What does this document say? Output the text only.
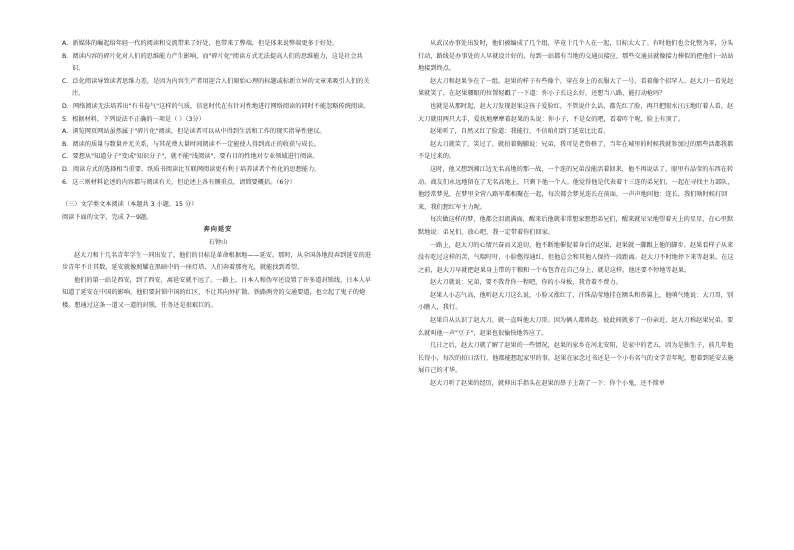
A．新媒体的崛起给年轻一代的阅读和交流带来了好处，也带来了弊端，但是体来说弊端更多于好处。

B．阅读内容的碎片化对人们的思维能力产生影响，而"碎片化"阅读方式无法提高人们的思维能力，这是社会共识。

C．泛化阅读导致读者思维力差，是因为内容生产者用迎合人们原始心理的标题或标新立异的文章来吸引人们的关注。

D．网络阅读无法培养出"有书卷气"这样的气质，信息时代在有针对性地进行网络阅读的同时不能忽略传统阅读。

5．根据材料，下列说法不正确的一项是（ ）（3分）

A．浏览网页网站虽然属于"碎片化"阅读，但是读者可以从中得到生活和工作的现实指导性建议。

B．阅读的质量与数量并无关系，与其花费大量时间阅读不一定能使人得到真正的收获与成长。

C．要想从"知道分子"变成"知识分子"，就不能"浅阅读"，要有目的性地对专业领域进行阅读。

D．阅读方式的选择相当重要，纸质书阅读比互联网阅读更有利于培养读者个性化的思想能力。

6．这三则材料论述的内容都与阅读有关，但论述上各有侧重点，请简要概括。（6分）

（三）文学类文本阅读（本题共 3 小题，15 分）

阅读下面的文字，完成 7～9题。

奔向延安

石钟山

赵大刀和十几名青年学生一同出发了，他们的目标是革命根据地——延安。那时，从全国各地投奔到延安的进步青年不计其数，延安就像照耀在黑暗中的一座灯塔，人们奔着那亮光，就能找到希望。

他们的第一站是西安，到了西安，离延安就不远了。一路上，日本人和伪军还设置了许多道封锁线，日本人早知道了延安在中国的影响，他们要封锁中国的红区，不让其向外扩散。铁路两旁的交通要道，也立起了鬼子的炮楼。想通过这条一道又一道的封锁，任务还是很艰巨的。

从武汉办事处出发时，他们被编成了几个组，毕竟十几个人在一起，目标太大了。有时他们也会化整为零，分头行动，路线是办事处的人早就设计好的，每到一站都有当地的交通员接应，那些交通员就像接力棒似的把他们一站站地接到终点。

赵大刀和赵果争在了一组。赵果的样子有些像个，穿在身上的衣服大了一号，看着像个招罕人。赵大刀一看见赵果就笑了，在赵果腰眼的位置轻戳了一下道：你小子长这么好，还想当八路，能打动枪吗？

也就是从那时起，赵大刀发现赵果这孩子爱脸红，不管说什么话，都先红了脸，再只把眼水汪汪地盯着人看。赵大刀就用两只大手，爱抚地摩摩着赵果的头说：你小子，不是女的吧，看着咋个呢，脸上有顶了。

赵果听了，自然又红了脸道：我能行，不信咱们到了延安比比看。

赵大刀就笑了，笑过了，就拍着胸脯说：兄弟，我可是老资格了，当年在城里的时候我就参加过的那些活都我都不是过来的。

这时，他又想到湘江边无名高地的那一战，一个连的兄弟没能活着回来，他不再说话了，眼里有晶莹的东西在转动。战友们永远地留在了无名高地上，只剩下他一个人。他觉得他是代表着十三连的弟兄们，一起在寻找主力部队，他经常梦见，在梦里全营八路军都相聚在一起，每次都会梦见连长在前面，一声声地问他：连长，我们啥时候打回来，我们想红军主力呢。

每次做这样的梦，他都会泪流满面，醒来后他就非常想家想想弟兄们，醒来就呆呆地望着天上的星星，在心里默默地说：弟兄们，放心吧，我一定带着你们回家。

一路上，赵大刀的心情兴奋而又迫切，他不断地催促着身后的赵果，赵果就一脚跟上他的脚步。赵果看样子从来没有吃过这样的苦，气喘吁吁，小脸憋得通红，但他总会和其他人保持一段距离。赵大刀不时地停下来等赵果。在这之前，赵大刀早就把赵果身上带的干粮和一个布包背在自己身上，就是这样，他还要不停地等赵果。

赵大刀就说：兄弟，要不我背你一程吧，你的小身板，我背着不费力。

赵果人小志气高，他听赵大刀这么说，小脸又涨红了，汗珠晶莹地挂在额头和鼻翼上，他嗔气地说：大刀哥，别小瞧人，我行。

赵果自从认识了赵大刀，就一直叫他大刀哥。因为俩人都姓赵，彼此间就多了一份亲近，赵大刀称赵果兄弟，要么就叫他一声"豆子"，赵果也很愉快地答应了。

几日之后，赵大刀就了解了赵果的一些情况，赵果的家乡在河北安阳，是家中的老五，因为是独生子，前几年他长得小，每次的拍日活行，他都能想起家里的事，赵果在家念过书还是一个小有名气的文学青年呢，想着到延安去施展自己的才华。

赵大刀听了赵果的经历，就伸出手指头在赵果的鼻子上刮了一下：你个小鬼，还不简单
